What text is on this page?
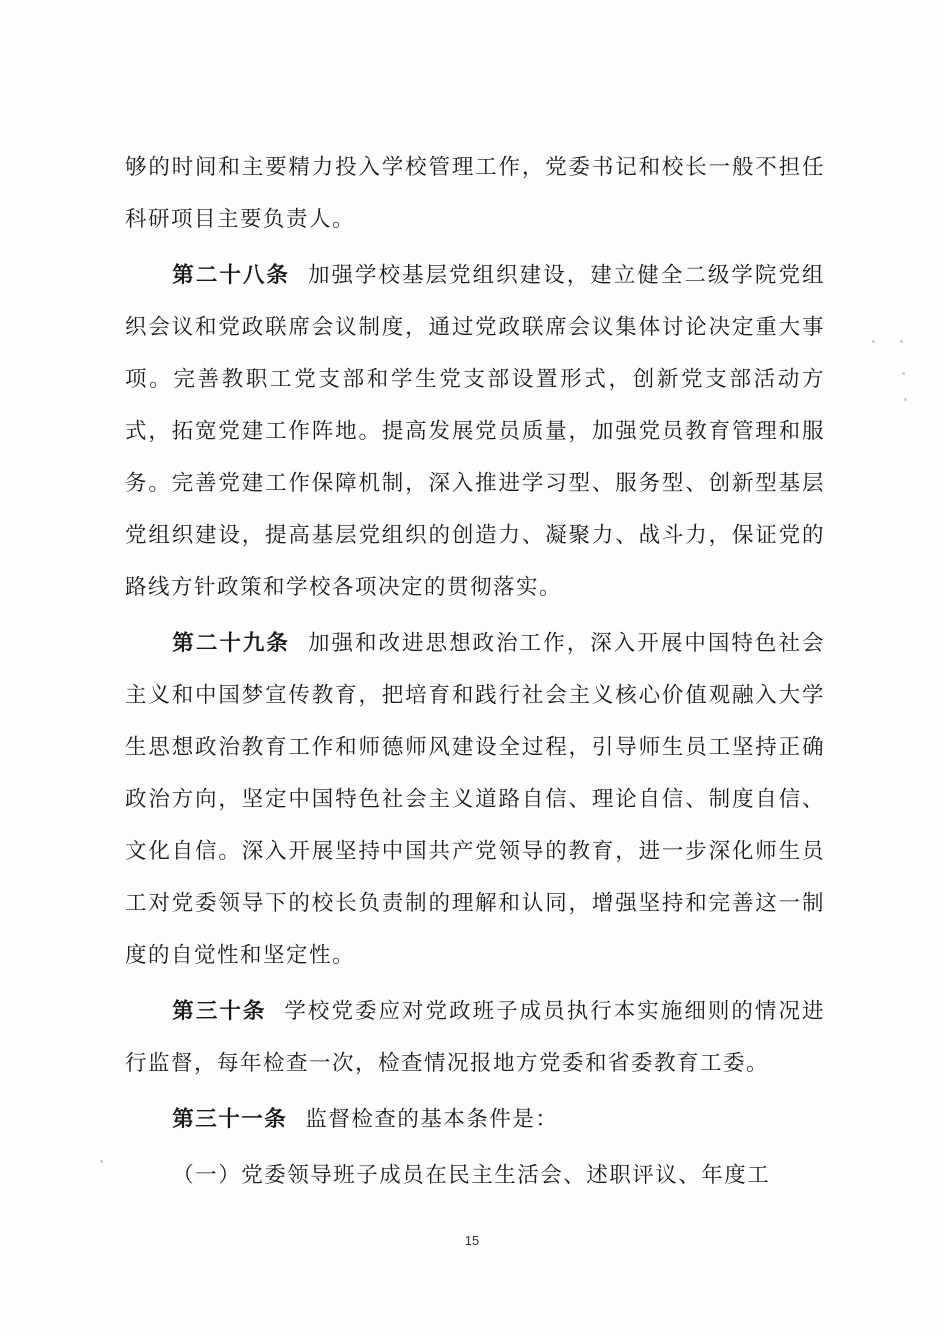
够的时间和主要精力投入学校管理工作，党委书记和校长一般不担任科研项目主要负责人。

第二十八条 加强学校基层党组织建设，建立健全二级学院党组织会议和党政联席会议制度，通过党政联席会议集体讨论决定重大事项。完善教职工党支部和学生党支部设置形式，创新党支部活动方式，拓宽党建工作阵地。提高发展党员质量，加强党员教育管理和服务。完善党建工作保障机制，深入推进学习型、服务型、创新型基层党组织建设，提高基层党组织的创造力、凝聚力、战斗力，保证党的路线方针政策和学校各项决定的贯彻落实。

第二十九条 加强和改进思想政治工作，深入开展中国特色社会主义和中国梦宣传教育，把培育和践行社会主义核心价值观融入大学生思想政治教育工作和师德师风建设全过程，引导师生员工坚持正确政治方向，坚定中国特色社会主义道路自信、理论自信、制度自信、文化自信。深入开展坚持中国共产党领导的教育，进一步深化师生员工对党委领导下的校长负责制的理解和认同，增强坚持和完善这一制度的自觉性和坚定性。

第三十条 学校党委应对党政班子成员执行本实施细则的情况进行监督，每年检查一次，检查情况报地方党委和省委教育工委。

第三十一条 监督检查的基本条件是：

（一）党委领导班子成员在民主生活会、述职评议、年度工

15
